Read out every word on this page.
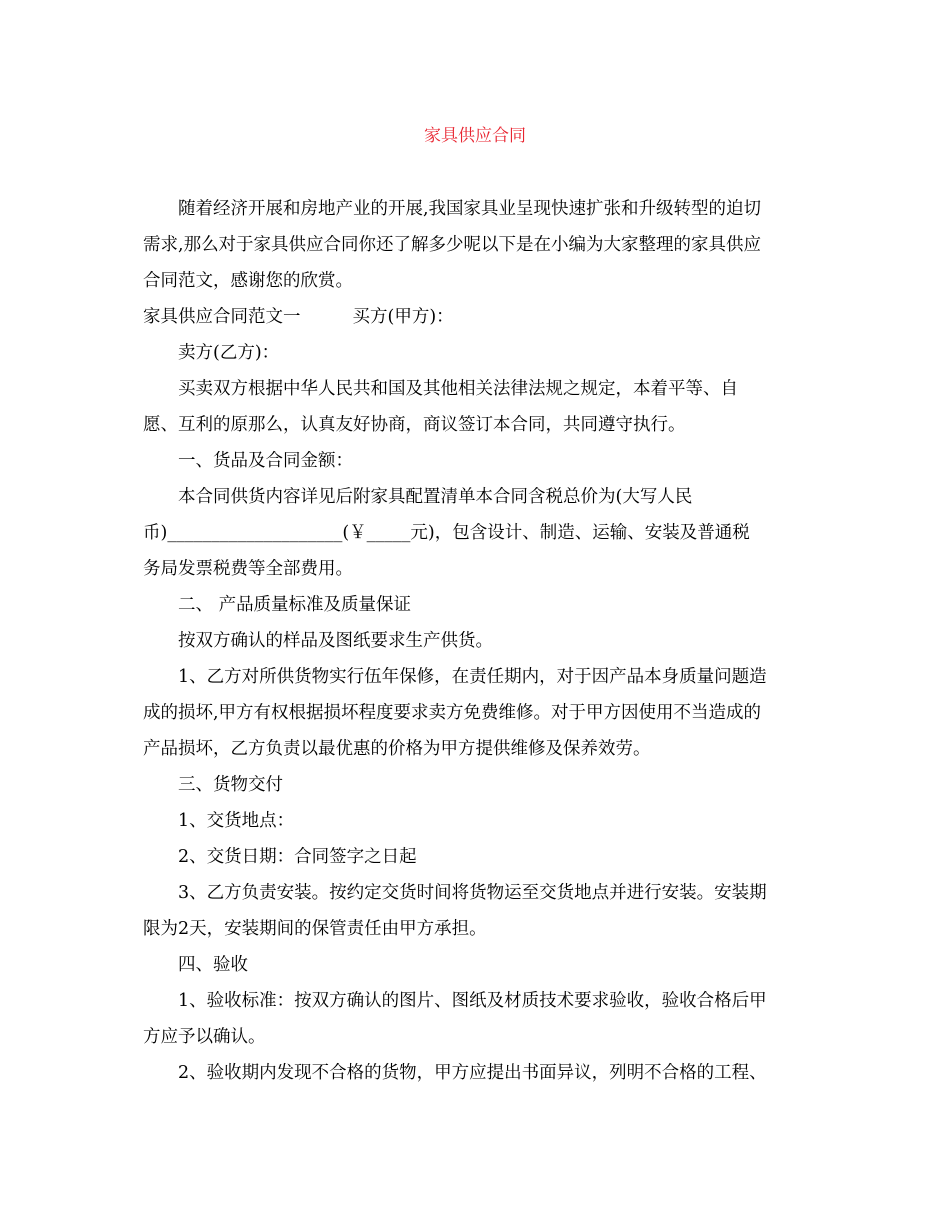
家具供应合同
随着经济开展和房地产业的开展,我国家具业呈现快速扩张和升级转型的迫切
需求,那么对于家具供应合同你还了解多少呢以下是在小编为大家整理的家具供应
合同范文，感谢您的欣赏。
家具供应合同范文一	买方(甲方)：
卖方(乙方)：
买卖双方根据中华人民共和国及其他相关法律法规之规定，本着平等、自
愿、互利的原那么，认真友好协商，商议签订本合同，共同遵守执行。
一、货品及合同金额：
本合同供货内容详见后附家具配置清单本合同含税总价为(大写人民
币)____________________(￥_____元)，包含设计、制造、运输、安装及普通税
务局发票税费等全部费用。
二、 产品质量标准及质量保证
按双方确认的样品及图纸要求生产供货。
1、乙方对所供货物实行伍年保修，在责任期内，对于因产品本身质量问题造
成的损坏,甲方有权根据损坏程度要求卖方免费维修。对于甲方因使用不当造成的
产品损坏，乙方负责以最优惠的价格为甲方提供维修及保养效劳。
三、货物交付
1、交货地点：
2、交货日期：合同签字之日起
3、乙方负责安装。按约定交货时间将货物运至交货地点并进行安装。安装期
限为2天，安装期间的保管责任由甲方承担。
四、验收
1、验收标准：按双方确认的图片、图纸及材质技术要求验收，验收合格后甲
方应予以确认。
2、验收期内发现不合格的货物，甲方应提出书面异议，列明不合格的工程、
